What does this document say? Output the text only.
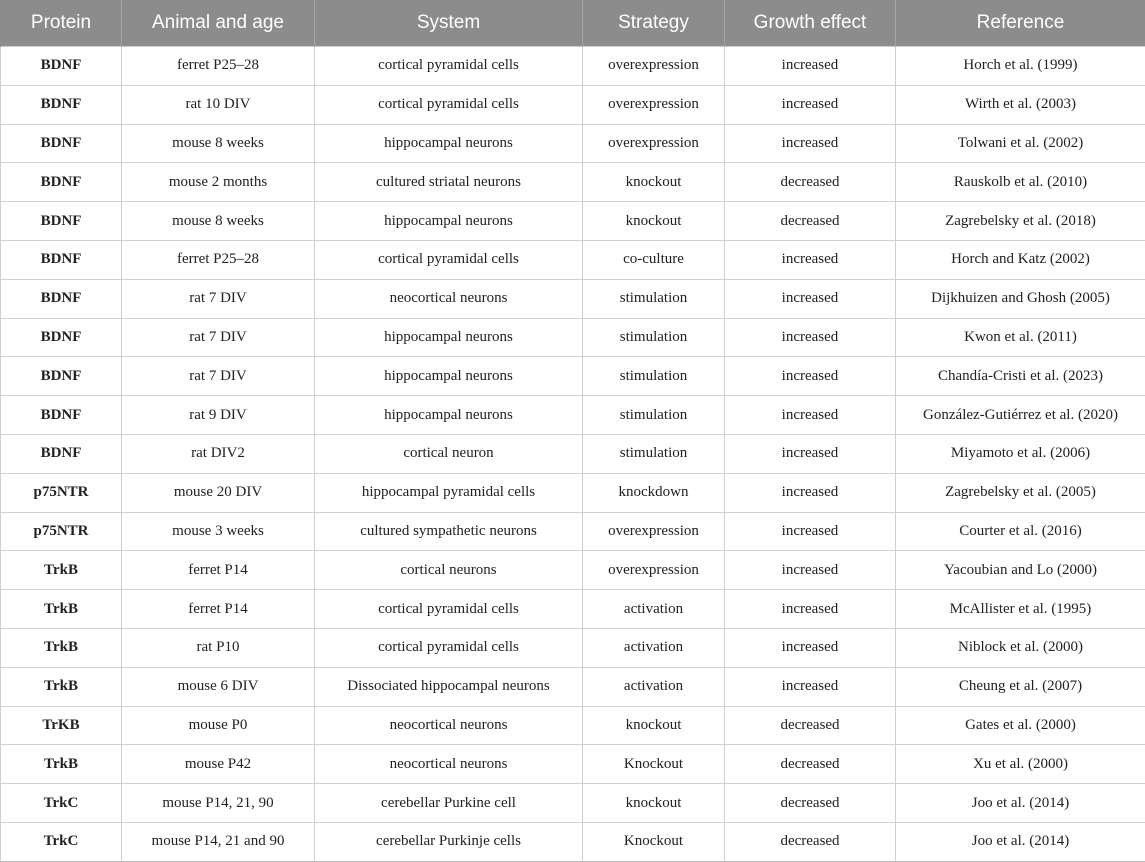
Protein	Animal and age	System	Strategy	Growth effect	Reference
BDNF	ferret P25–28	cortical pyramidal cells	overexpression	increased	Horch et al. (1999)
BDNF	rat 10 DIV	cortical pyramidal cells	overexpression	increased	Wirth et al. (2003)
BDNF	mouse 8 weeks	hippocampal neurons	overexpression	increased	Tolwani et al. (2002)
BDNF	mouse 2 months	cultured striatal neurons	knockout	decreased	Rauskolb et al. (2010)
BDNF	mouse 8 weeks	hippocampal neurons	knockout	decreased	Zagrebelsky et al. (2018)
BDNF	ferret P25–28	cortical pyramidal cells	co-culture	increased	Horch and Katz (2002)
BDNF	rat 7 DIV	neocortical neurons	stimulation	increased	Dijkhuizen and Ghosh (2005)
BDNF	rat 7 DIV	hippocampal neurons	stimulation	increased	Kwon et al. (2011)
BDNF	rat 7 DIV	hippocampal neurons	stimulation	increased	Chandía-Cristi et al. (2023)
BDNF	rat 9 DIV	hippocampal neurons	stimulation	increased	González-Gutiérrez et al. (2020)
BDNF	rat DIV2	cortical neuron	stimulation	increased	Miyamoto et al. (2006)
p75NTR	mouse 20 DIV	hippocampal pyramidal cells	knockdown	increased	Zagrebelsky et al. (2005)
p75NTR	mouse 3 weeks	cultured sympathetic neurons	overexpression	increased	Courter et al. (2016)
TrkB	ferret P14	cortical neurons	overexpression	increased	Yacoubian and Lo (2000)
TrkB	ferret P14	cortical pyramidal cells	activation	increased	McAllister et al. (1995)
TrkB	rat P10	cortical pyramidal cells	activation	increased	Niblock et al. (2000)
TrkB	mouse 6 DIV	Dissociated hippocampal neurons	activation	increased	Cheung et al. (2007)
TrKB	mouse P0	neocortical neurons	knockout	decreased	Gates et al. (2000)
TrkB	mouse P42	neocortical neurons	Knockout	decreased	Xu et al. (2000)
TrkC	mouse P14, 21, 90	cerebellar Purkine cell	knockout	decreased	Joo et al. (2014)
TrkC	mouse P14, 21 and 90	cerebellar Purkinje cells	Knockout	decreased	Joo et al. (2014)
